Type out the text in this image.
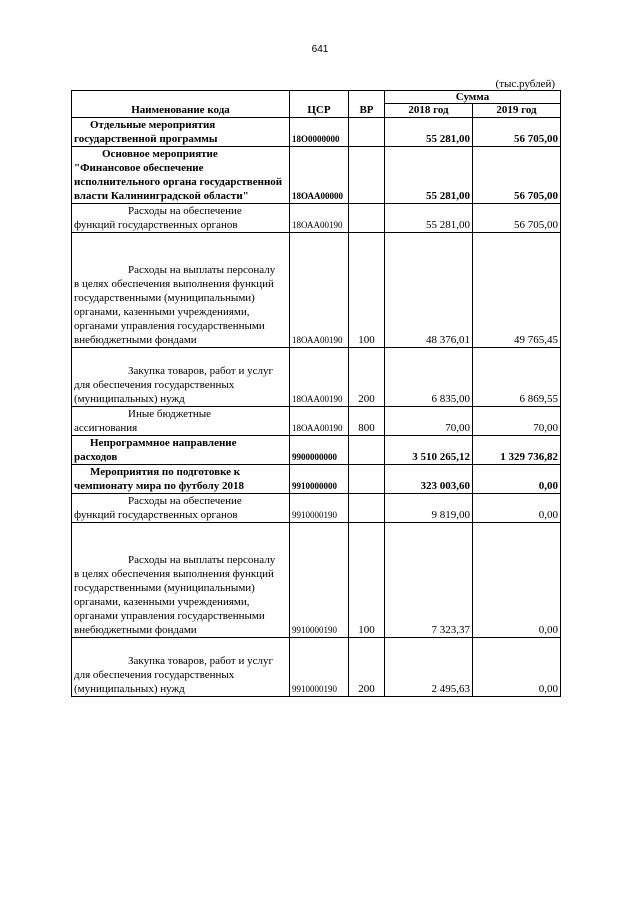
641
(тыс.рублей)
Наименование кода	ЦСР	ВР	Сумма	
			2018 год	2019 год

Отдельные мероприятия
государственной программы	18О0000000		55 281,00	56 705,00

Основное мероприятие
"Финансовое обеспечение исполнительного органа государственной власти Калининградской области"	18ОАА00000		55 281,00	56 705,00

Расходы на обеспечение
функций государственных органов	18ОАА00190		55 281,00	56 705,00

Расходы на выплаты персоналу
в целях обеспечения выполнения функций государственными (муниципальными) органами, казенными учреждениями, органами управления государственными внебюджетными фондами	18ОАА00190	100	48 376,01	49 765,45

Закупка товаров, работ и услуг
для обеспечения государственных (муниципальных) нужд	18ОАА00190	200	6 835,00	6 869,55

Иные бюджетные
ассигнования	18ОАА00190	800	70,00	70,00

Непрограммное направление
расходов	9900000000		3 510 265,12	1 329 736,82

Мероприятия по подготовке к
чемпионату мира по футболу 2018	9910000000		323 003,60	0,00

Расходы на обеспечение
функций государственных органов	9910000190		9 819,00	0,00

Расходы на выплаты персоналу
в целях обеспечения выполнения функций государственными (муниципальными) органами, казенными учреждениями, органами управления государственными внебюджетными фондами	9910000190	100	7 323,37	0,00

Закупка товаров, работ и услуг
для обеспечения государственных (муниципальных) нужд	9910000190	200	2 495,63	0,00
